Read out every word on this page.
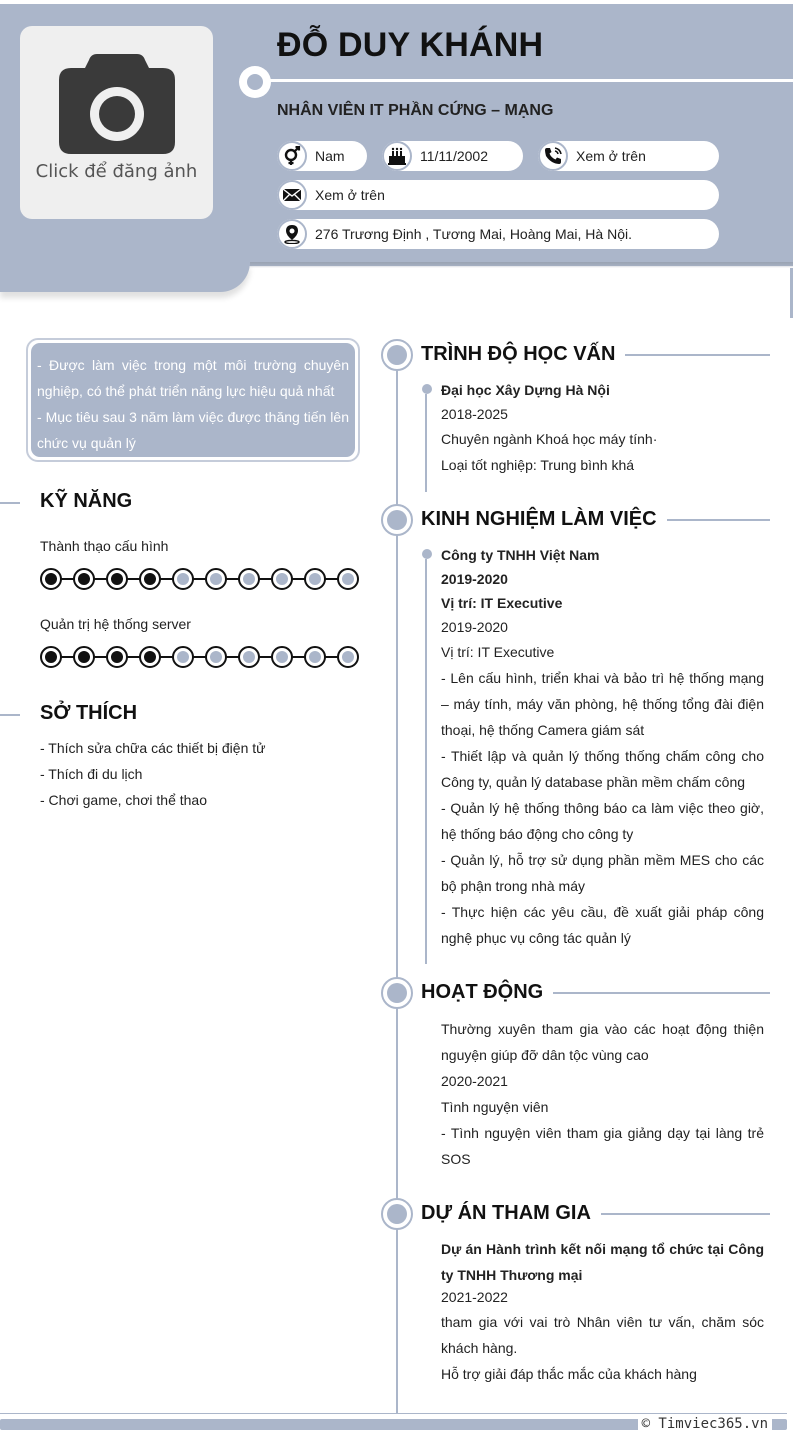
Click để đăng ảnh
ĐỖ DUY KHÁNH
NHÂN VIÊN IT PHẦN CỨNG – MẠNG
Nam	11/11/2002	Xem ở trên
Xem ở trên
276 Trương Định , Tương Mai, Hoàng Mai, Hà Nội.
- Được làm việc trong một môi trường chuyên nghiệp, có thể phát triển năng lực hiệu quả nhất
- Mục tiêu sau 3 năm làm việc được thăng tiến lên chức vụ quản lý
KỸ NĂNG
Thành thạo cấu hình
Quản trị hệ thống server
SỞ THÍCH
- Thích sửa chữa các thiết bị điện tử
- Thích đi du lịch
- Chơi game, chơi thể thao
TRÌNH ĐỘ HỌC VẤN
Đại học Xây Dựng Hà Nội
2018-2025
Chuyên ngành Khoá học máy tính·
Loại tốt nghiệp: Trung bình khá
KINH NGHIỆM LÀM VIỆC
Công ty TNHH Việt Nam
2019-2020
Vị trí: IT Executive
2019-2020
Vị trí: IT Executive
- Lên cấu hình, triển khai và bảo trì hệ thống mạng – máy tính, máy văn phòng, hệ thống tổng đài điện thoại, hệ thống Camera giám sát
- Thiết lập và quản lý thống thống chấm công cho Công ty, quản lý database phần mềm chấm công
- Quản lý hệ thống thông báo ca làm việc theo giờ, hệ thống báo động cho công ty
- Quản lý, hỗ trợ sử dụng phần mềm MES cho các bộ phận trong nhà máy
- Thực hiện các yêu cầu, đề xuất giải pháp công nghệ phục vụ công tác quản lý
HOẠT ĐỘNG
Thường xuyên tham gia vào các hoạt động thiện nguyện giúp đỡ dân tộc vùng cao
2020-2021
Tình nguyện viên
- Tình nguyện viên tham gia giảng dạy tại làng trẻ SOS
DỰ ÁN THAM GIA
Dự án Hành trình kết nối mạng tổ chức tại Công ty TNHH Thương mại
2021-2022
tham gia với vai trò Nhân viên tư vấn, chăm sóc khách hàng.
Hỗ trợ giải đáp thắc mắc của khách hàng
© Timviec365.vn
